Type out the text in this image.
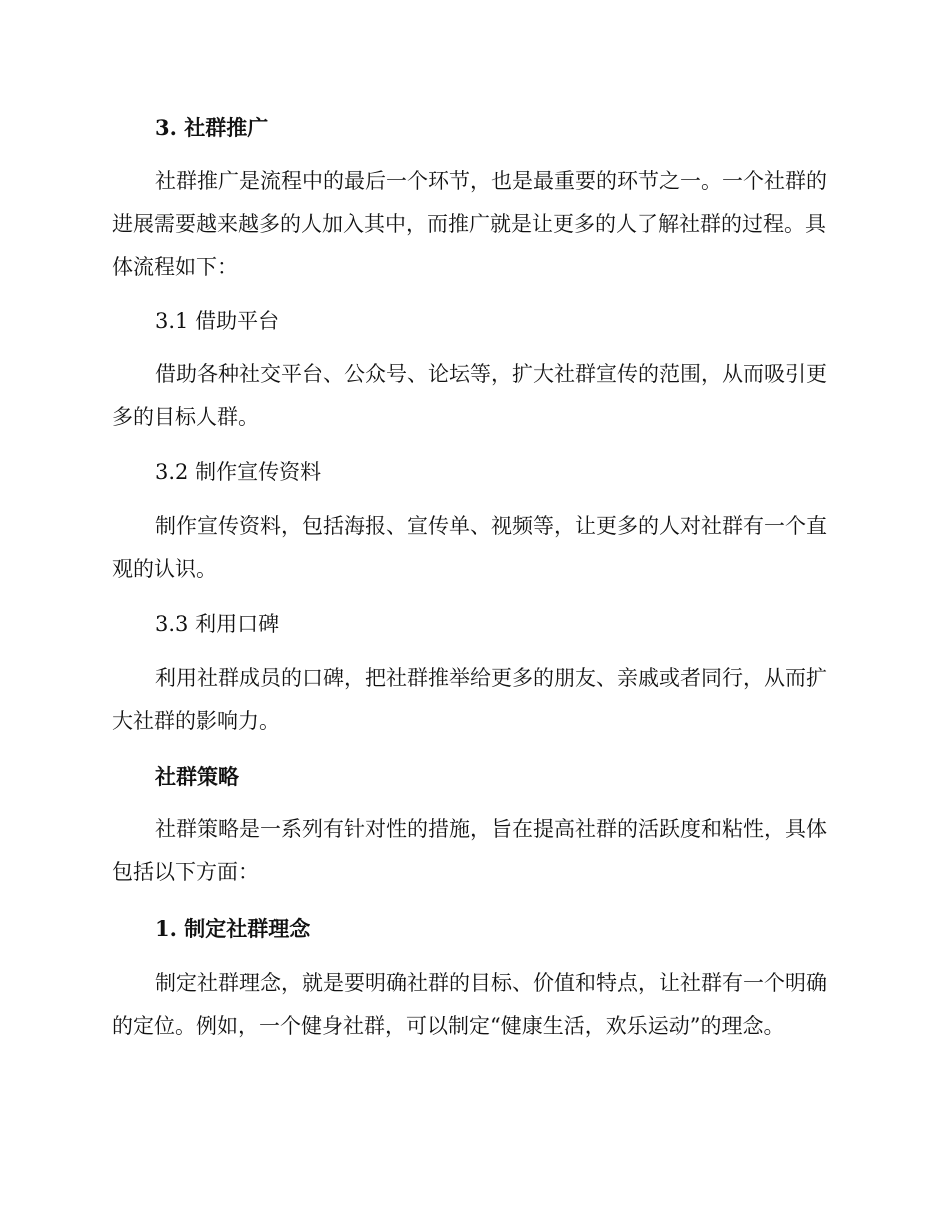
3. 社群推广

社群推广是流程中的最后一个环节，也是最重要的环节之一。一个社群的进展需要越来越多的人加入其中，而推广就是让更多的人了解社群的过程。具体流程如下：

3.1 借助平台

借助各种社交平台、公众号、论坛等，扩大社群宣传的范围，从而吸引更多的目标人群。

3.2 制作宣传资料

制作宣传资料，包括海报、宣传单、视频等，让更多的人对社群有一个直观的认识。

3.3 利用口碑

利用社群成员的口碑，把社群推举给更多的朋友、亲戚或者同行，从而扩大社群的影响力。

社群策略

社群策略是一系列有针对性的措施，旨在提高社群的活跃度和粘性，具体包括以下方面：

1. 制定社群理念

制定社群理念，就是要明确社群的目标、价值和特点，让社群有一个明确的定位。例如，一个健身社群，可以制定“健康生活，欢乐运动”的理念。
